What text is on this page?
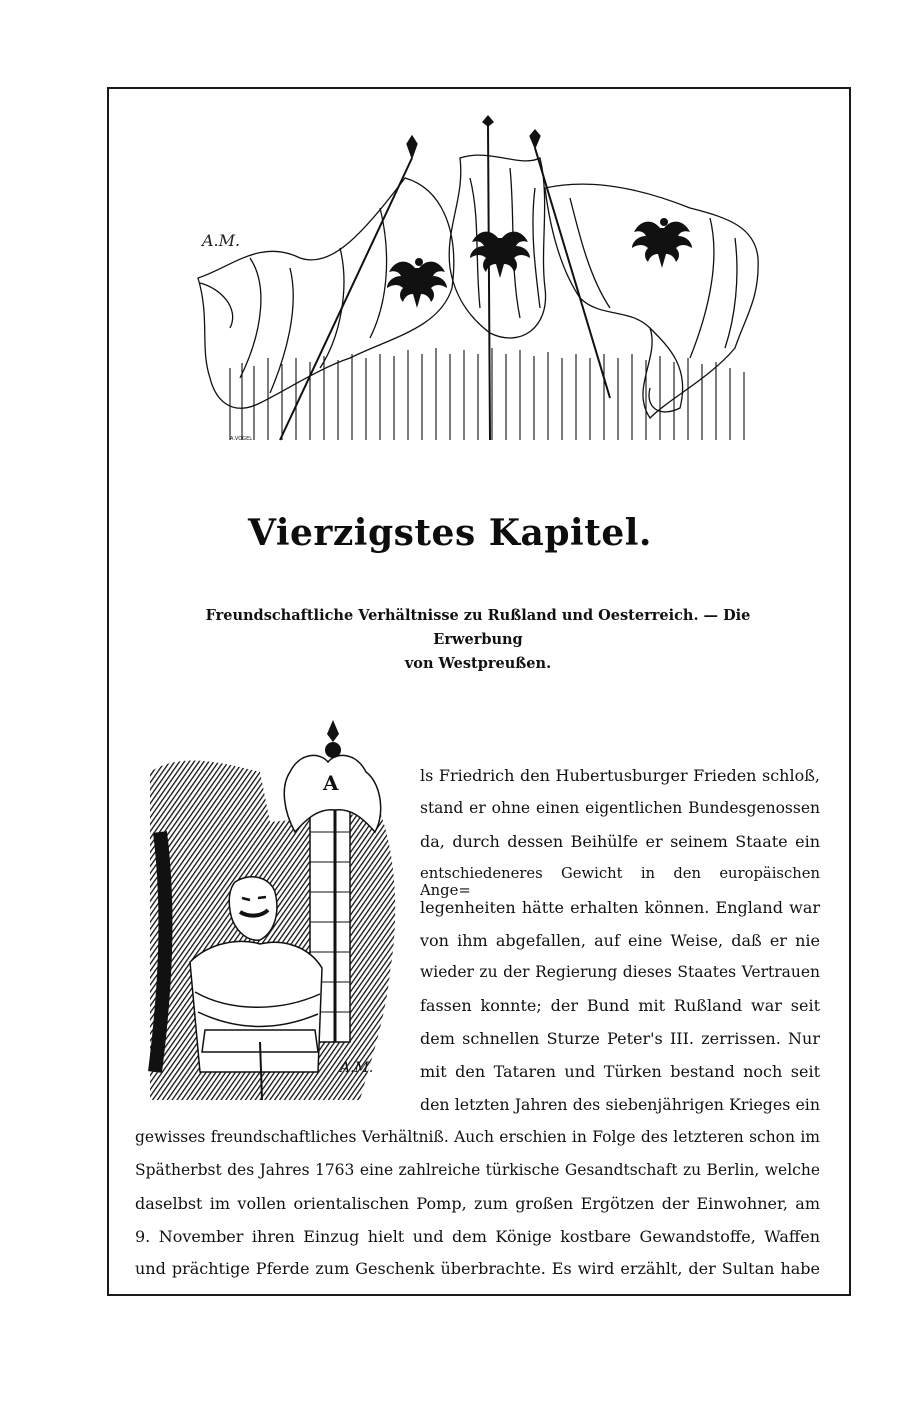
A.M.
A.VOGEL
Vierzigstes Kapitel.
Freundschaftliche Verhältnisse zu Rußland und Oesterreich. — Die Erwerbung
von Westpreußen.
A
A.M.
ls Friedrich den Hubertusburger Frieden schloß,
stand er ohne einen eigentlichen Bundesgenossen
da, durch dessen Beihülfe er seinem Staate ein
entschiedeneres Gewicht in den europäischen Ange=
legenheiten hätte erhalten können. England war
von ihm abgefallen, auf eine Weise, daß er nie
wieder zu der Regierung dieses Staates Vertrauen
fassen konnte; der Bund mit Rußland war seit
dem schnellen Sturze Peter's III. zerrissen. Nur
mit den Tataren und Türken bestand noch seit
den letzten Jahren des siebenjährigen Krieges ein
gewisses freundschaftliches Verhältniß. Auch erschien in Folge des letzteren schon im
Spätherbst des Jahres 1763 eine zahlreiche türkische Gesandtschaft zu Berlin, welche
daselbst im vollen orientalischen Pomp, zum großen Ergötzen der Einwohner, am
9. November ihren Einzug hielt und dem Könige kostbare Gewandstoffe, Waffen
und prächtige Pferde zum Geschenk überbrachte. Es wird erzählt, der Sultan habe
